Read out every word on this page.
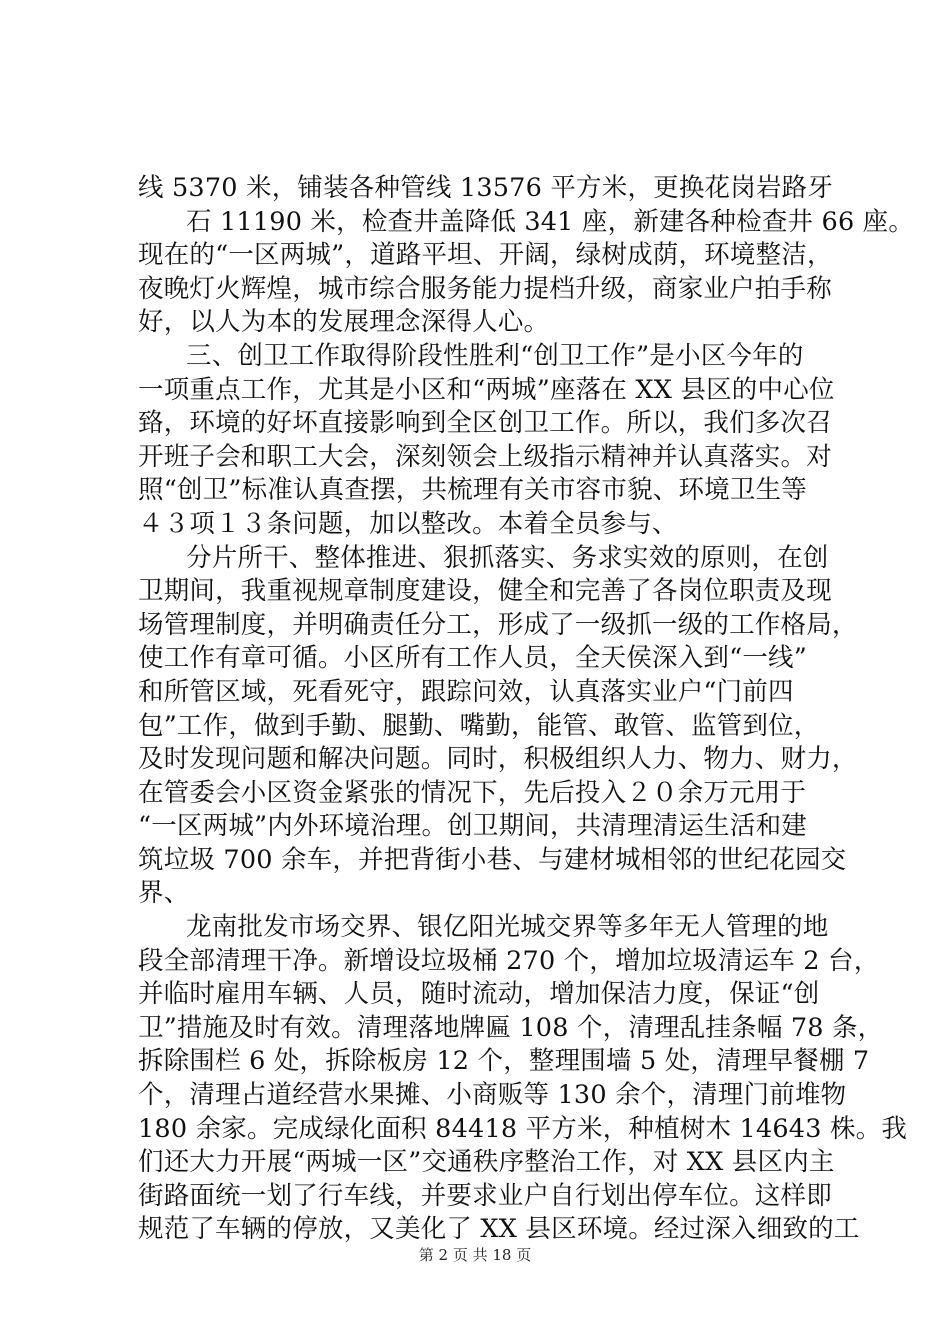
线 5370 米，铺装各种管线 13576 平方米，更换花岗岩路牙
石 11190 米，检查井盖降低 341 座，新建各种检查井 66 座。
现在的“一区两城”，道路平坦、开阔，绿树成荫，环境整洁，
夜晚灯火辉煌，城市综合服务能力提档升级，商家业户拍手称
好，以人为本的发展理念深得人心。
三、创卫工作取得阶段性胜利“创卫工作”是小区今年的
一项重点工作，尤其是小区和“两城”座落在 XX 县区的中心位
臵，环境的好坏直接影响到全区创卫工作。所以，我们多次召
开班子会和职工大会，深刻领会上级指示精神并认真落实。对
照“创卫”标准认真查摆，共梳理有关市容市貌、环境卫生等
４３项１３条问题，加以整改。本着全员参与、
分片所干、整体推进、狠抓落实、务求实效的原则，在创
卫期间，我重视规章制度建设，健全和完善了各岗位职责及现
场管理制度，并明确责任分工，形成了一级抓一级的工作格局，
使工作有章可循。小区所有工作人员，全天侯深入到“一线”
和所管区域，死看死守，跟踪问效，认真落实业户“门前四
包”工作，做到手勤、腿勤、嘴勤，能管、敢管、监管到位，
及时发现问题和解决问题。同时，积极组织人力、物力、财力，
在管委会小区资金紧张的情况下，先后投入２０余万元用于
“一区两城”内外环境治理。创卫期间，共清理清运生活和建
筑垃圾 700 余车，并把背街小巷、与建材城相邻的世纪花园交
界、
龙南批发市场交界、银亿阳光城交界等多年无人管理的地
段全部清理干净。新增设垃圾桶 270 个，增加垃圾清运车 2 台，
并临时雇用车辆、人员，随时流动，增加保洁力度，保证“创
卫”措施及时有效。清理落地牌匾 108 个，清理乱挂条幅 78 条，
拆除围栏 6 处，拆除板房 12 个，整理围墙 5 处，清理早餐棚 7
个，清理占道经营水果摊、小商贩等 130 余个，清理门前堆物
180 余家。完成绿化面积 84418 平方米，种植树木 14643 株。我
们还大力开展“两城一区”交通秩序整治工作，对 XX 县区内主
街路面统一划了行车线，并要求业户自行划出停车位。这样即
规范了车辆的停放，又美化了 XX 县区环境。经过深入细致的工
第 2 页 共 18 页
